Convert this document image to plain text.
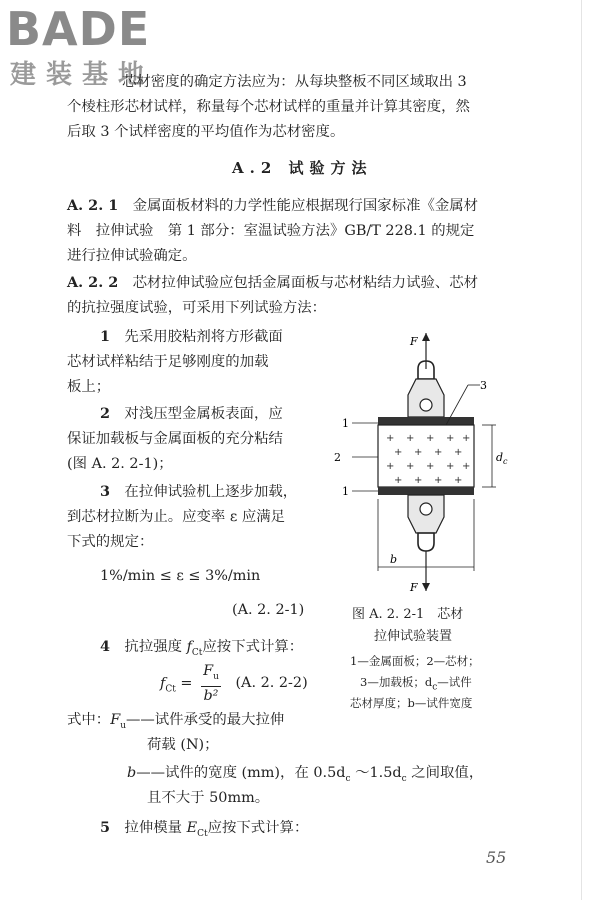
BADE
建装基地
芯材密度的确定方法应为：从每块整板不同区域取出 3
个棱柱形芯材试样，称量每个芯材试样的重量并计算其密度，然
后取 3 个试样密度的平均值作为芯材密度。
A.2 试验方法
A. 2. 1　 金属面板材料的力学性能应根据现行国家标准《金属材
料　拉伸试验　第 1 部分：室温试验方法》GB/T 228.1 的规定
进行拉伸试验确定。
A. 2. 2　 芯材拉伸试验应包括金属面板与芯材粘结力试验、芯材
的抗拉强度试验，可采用下列试验方法：
1　 先采用胶粘剂将方形截面
芯材试样粘结于足够刚度的加载
板上；
2　 对浅压型金属板表面，应
保证加载板与金属面板的充分粘结
(图 A. 2. 2-1)；
3　 在拉伸试验机上逐步加载，
到芯材拉断为止。应变率 ε 应满足
下式的规定：
1%/min ≤ ε ≤ 3%/min
(A. 2. 2-1)
4　 抗拉强度 $f_{Ct}$应按下式计算：
$f_{Ct} = \frac{F_u}{\text{b²}} (A$. 2. 2-2)
式中：$F_u——$试件承受的最大拉伸
荷载 (N)；
b——试件的宽度 (mm)，在 $0.5d_c$ $\sim 1.5d_c$ 之间取值，
且不大于 50mm。
5　 拉伸模量 $E_{Ct}$应按下式计算：
F
+ + + + +
+ + + +
+ + + + +
+ + + +
F
1
2
1
3
$d_c$
b
图 A. 2. 2-1　芯材
拉伸试验装置
1—金属面板；2—芯材；
3—加载板；$d_c—$试件
芯材厚度；b—试件宽度
55
